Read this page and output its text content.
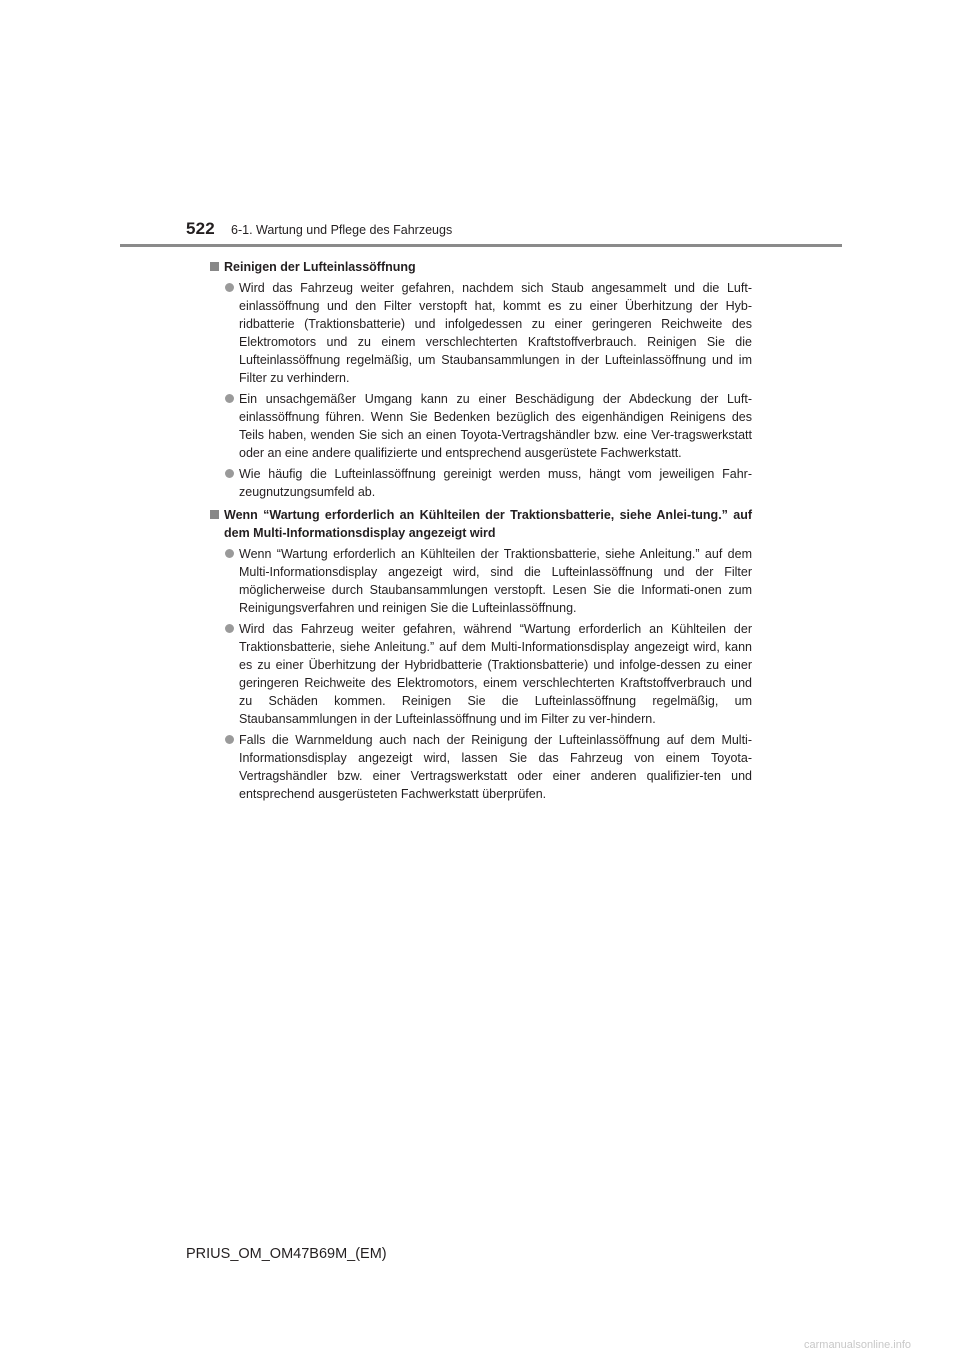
522 6-1. Wartung und Pflege des Fahrzeugs
Reinigen der Lufteinlassöffnung
Wird das Fahrzeug weiter gefahren, nachdem sich Staub angesammelt und die Luft-einlassöffnung und den Filter verstopft hat, kommt es zu einer Überhitzung der Hyb-ridbatterie (Traktionsbatterie) und infolgedessen zu einer geringeren Reichweite des Elektromotors und zu einem verschlechterten Kraftstoffverbrauch. Reinigen Sie die Lufteinlassöffnung regelmäßig, um Staubansammlungen in der Lufteinlassöffnung und im Filter zu verhindern.
Ein unsachgemäßer Umgang kann zu einer Beschädigung der Abdeckung der Luft-einlassöffnung führen. Wenn Sie Bedenken bezüglich des eigenhändigen Reinigens des Teils haben, wenden Sie sich an einen Toyota-Vertragshändler bzw. eine Ver-tragswerkstatt oder an eine andere qualifizierte und entsprechend ausgerüstete Fachwerkstatt.
Wie häufig die Lufteinlassöffnung gereinigt werden muss, hängt vom jeweiligen Fahr-zeugnutzungsumfeld ab.
Wenn “Wartung erforderlich an Kühlteilen der Traktionsbatterie, siehe Anlei-tung.” auf dem Multi-Informationsdisplay angezeigt wird
Wenn “Wartung erforderlich an Kühlteilen der Traktionsbatterie, siehe Anleitung.” auf dem Multi-Informationsdisplay angezeigt wird, sind die Lufteinlassöffnung und der Filter möglicherweise durch Staubansammlungen verstopft. Lesen Sie die Informati-onen zum Reinigungsverfahren und reinigen Sie die Lufteinlassöffnung.
Wird das Fahrzeug weiter gefahren, während “Wartung erforderlich an Kühlteilen der Traktionsbatterie, siehe Anleitung.” auf dem Multi-Informationsdisplay angezeigt wird, kann es zu einer Überhitzung der Hybridbatterie (Traktionsbatterie) und infolge-dessen zu einer geringeren Reichweite des Elektromotors, einem verschlechterten Kraftstoffverbrauch und zu Schäden kommen. Reinigen Sie die Lufteinlassöffnung regelmäßig, um Staubansammlungen in der Lufteinlassöffnung und im Filter zu ver-hindern.
Falls die Warnmeldung auch nach der Reinigung der Lufteinlassöffnung auf dem Multi-Informationsdisplay angezeigt wird, lassen Sie das Fahrzeug von einem Toyota-Vertragshändler bzw. einer Vertragswerkstatt oder einer anderen qualifizier-ten und entsprechend ausgerüsteten Fachwerkstatt überprüfen.
PRIUS_OM_OM47B69M_(EM)
carmanualsonline.info
